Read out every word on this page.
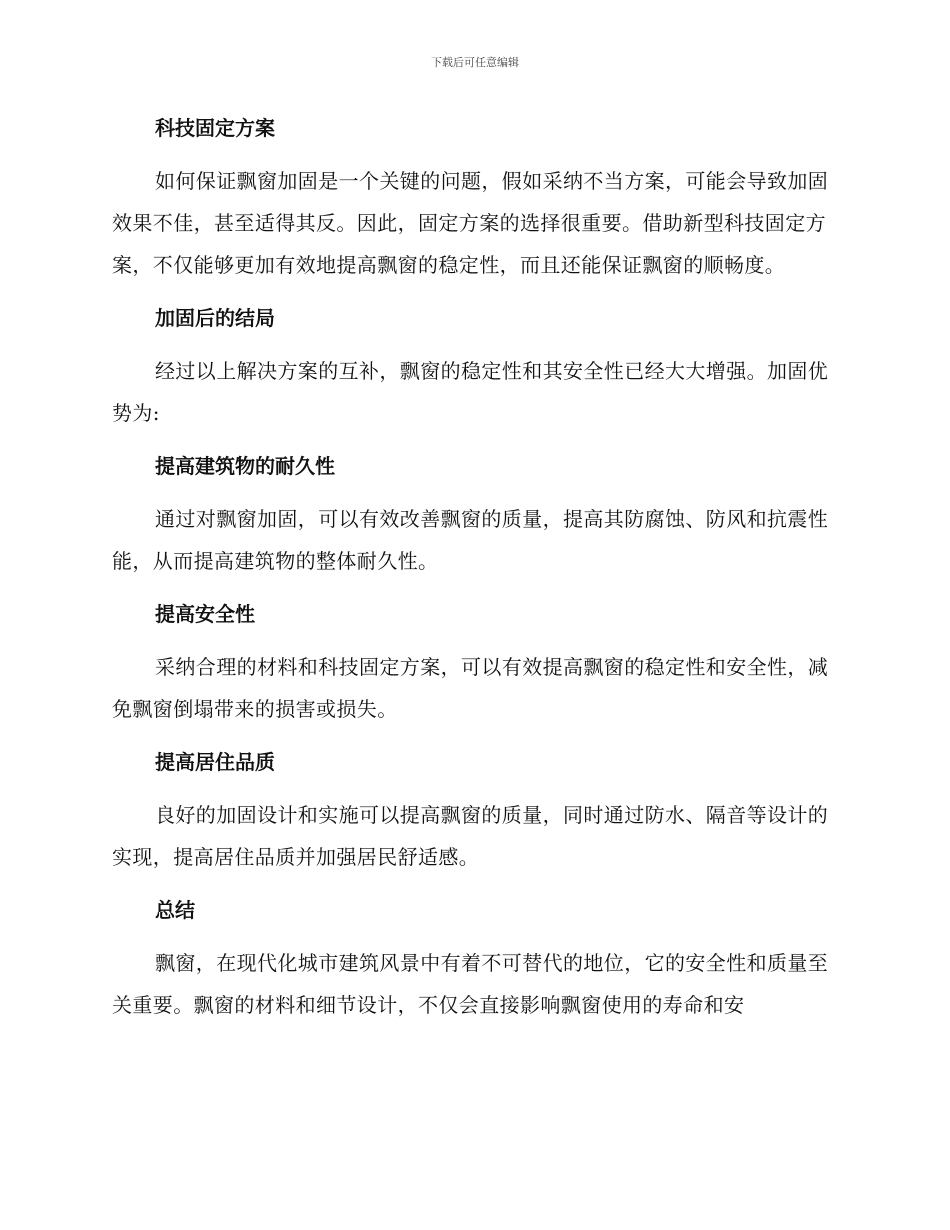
下载后可任意编辑
科技固定方案
如何保证飘窗加固是一个关键的问题，假如采纳不当方案，可能会导致加固效果不佳，甚至适得其反。因此，固定方案的选择很重要。借助新型科技固定方案，不仅能够更加有效地提高飘窗的稳定性，而且还能保证飘窗的顺畅度。
加固后的结局
经过以上解决方案的互补，飘窗的稳定性和其安全性已经大大增强。加固优势为:
提高建筑物的耐久性
通过对飘窗加固，可以有效改善飘窗的质量，提高其防腐蚀、防风和抗震性能，从而提高建筑物的整体耐久性。
提高安全性
采纳合理的材料和科技固定方案，可以有效提高飘窗的稳定性和安全性，减免飘窗倒塌带来的损害或损失。
提高居住品质
良好的加固设计和实施可以提高飘窗的质量，同时通过防水、隔音等设计的实现，提高居住品质并加强居民舒适感。
总结
飘窗，在现代化城市建筑风景中有着不可替代的地位，它的安全性和质量至关重要。飘窗的材料和细节设计，不仅会直接影响飘窗使用的寿命和安
